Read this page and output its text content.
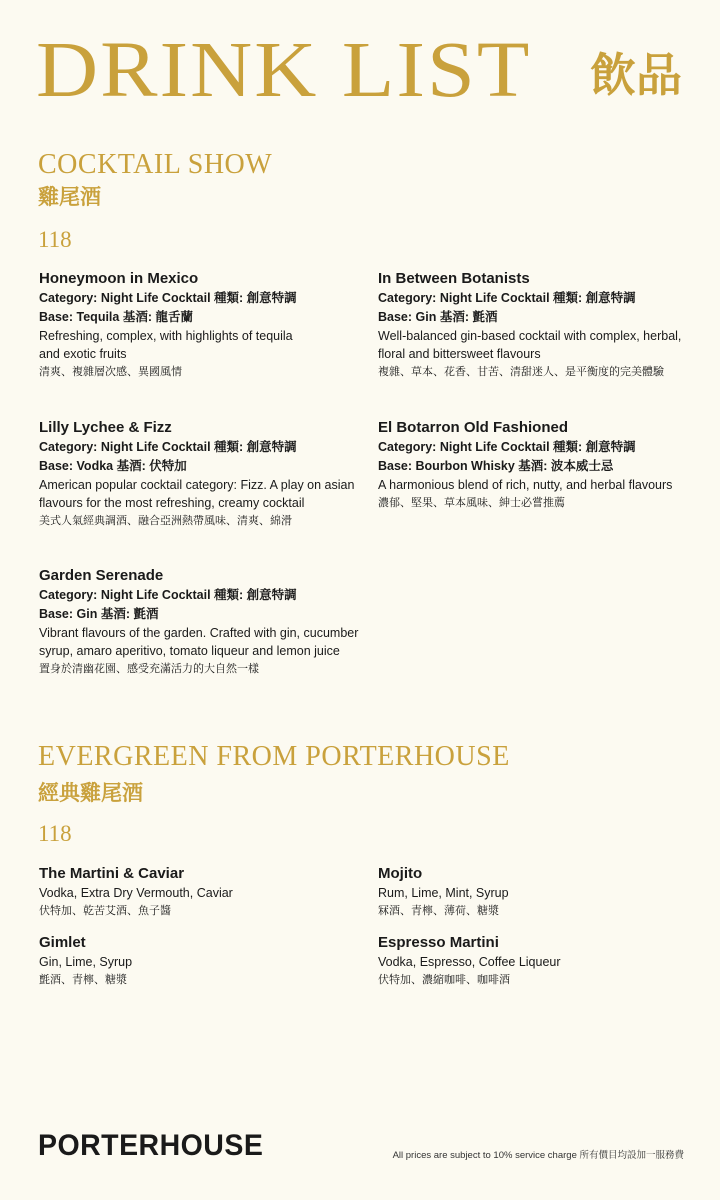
DRINK LIST 飲品
COCKTAIL SHOW
雞尾酒
118
Honeymoon in Mexico
Category: Night Life Cocktail 種類: 創意特調
Base: Tequila 基酒: 龍舌蘭
Refreshing, complex, with highlights of tequila
and exotic fruits
清爽、複雜層次感、異國風情
In Between Botanists
Category: Night Life Cocktail 種類: 創意特調
Base: Gin 基酒: 氈酒
Well-balanced gin-based cocktail with complex, herbal,
floral and bittersweet flavours
複雜、草本、花香、甘苦、清甜迷人、是平衡度的完美體驗
Lilly Lychee & Fizz
Category: Night Life Cocktail 種類: 創意特調
Base: Vodka 基酒: 伏特加
American popular cocktail category: Fizz. A play on asian
flavours for the most refreshing, creamy cocktail
美式人氣經典調酒、融合亞洲熱帶風味、清爽、綿滑
El Botarron Old Fashioned
Category: Night Life Cocktail 種類: 創意特調
Base: Bourbon Whisky 基酒: 波本威士忌
A harmonious blend of rich, nutty, and herbal flavours
濃郁、堅果、草本風味、紳士必嘗推薦
Garden Serenade
Category: Night Life Cocktail 種類: 創意特調
Base: Gin 基酒: 氈酒
Vibrant flavours of the garden. Crafted with gin, cucumber
syrup, amaro aperitivo, tomato liqueur and lemon juice
置身於清幽花園、感受充滿活力的大自然一樣
EVERGREEN FROM PORTERHOUSE
經典雞尾酒
118
The Martini & Caviar
Vodka, Extra Dry Vermouth, Caviar
伏特加、乾苦艾酒、魚子醬
Mojito
Rum, Lime, Mint, Syrup
冧酒、青檸、薄荷、糖漿
Gimlet
Gin, Lime, Syrup
氈酒、青檸、糖漿
Espresso Martini
Vodka, Espresso, Coffee Liqueur
伏特加、濃縮咖啡、咖啡酒
PORTERHOUSE	All prices are subject to 10% service charge 所有價目均設加一服務費
